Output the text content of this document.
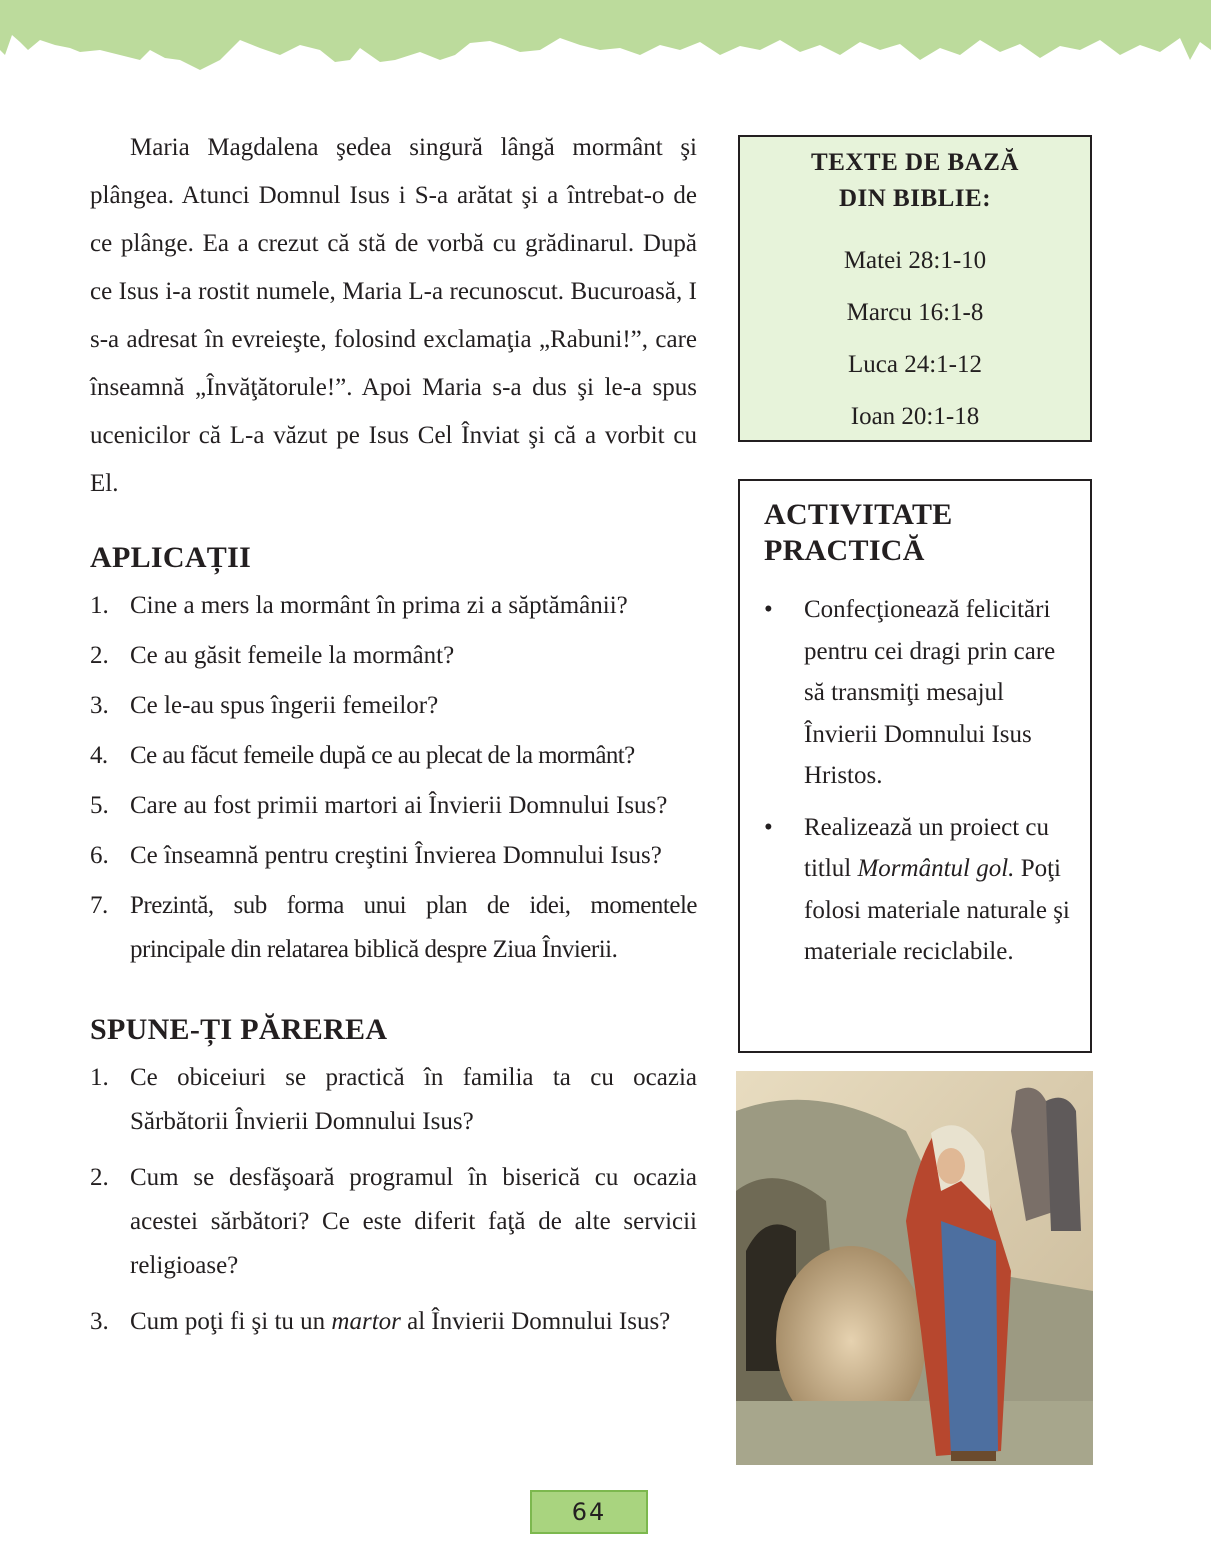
Maria Magdalena şedea singură lângă mormânt şi plângea. Atunci Domnul Isus i S-a arătat şi a întrebat-o de ce plânge. Ea a crezut că stă de vorbă cu grădinarul. După ce Isus i-a rostit numele, Maria L-a recunoscut. Bucuroasă, I s-a adresat în evreieşte, folosind exclamaţia „Rabuni!”, care înseamnă „Învăţătorule!”. Apoi Maria s-a dus şi le-a spus ucenicilor că L-a văzut pe Isus Cel Înviat şi că a vorbit cu El.

APLICAȚII
1. Cine a mers la mormânt în prima zi a săptămânii?
2. Ce au găsit femeile la mormânt?
3. Ce le-au spus îngerii femeilor?
4. Ce au făcut femeile după ce au plecat de la mormânt?
5. Care au fost primii martori ai Învierii Domnului Isus?
6. Ce înseamnă pentru creştini Învierea Domnului Isus?
7. Prezintă, sub forma unui plan de idei, momentele principale din relatarea biblică despre Ziua Învierii.
SPUNE-ȚI PĂREREA
1. Ce obiceiuri se practică în familia ta cu ocazia Sărbătorii Învierii Domnului Isus?
2. Cum se desfăşoară programul în biserică cu ocazia acestei sărbători? Ce este diferit faţă de alte servicii religioase?
3. Cum poţi fi şi tu un martor al Învierii Domnului Isus?
TEXTE DE BAZĂ
DIN BIBLIE:
Matei 28:1-10
Marcu 16:1-8
Luca 24:1-12
Ioan 20:1-18
ACTIVITATE
PRACTICĂ
• Confecţionează felicitări pentru cei dragi prin care să transmiţi mesajul Învierii Domnului Isus Hristos.
• Realizează un proiect cu titlul Mormântul gol. Poţi folosi materiale naturale şi materiale reciclabile.
64
